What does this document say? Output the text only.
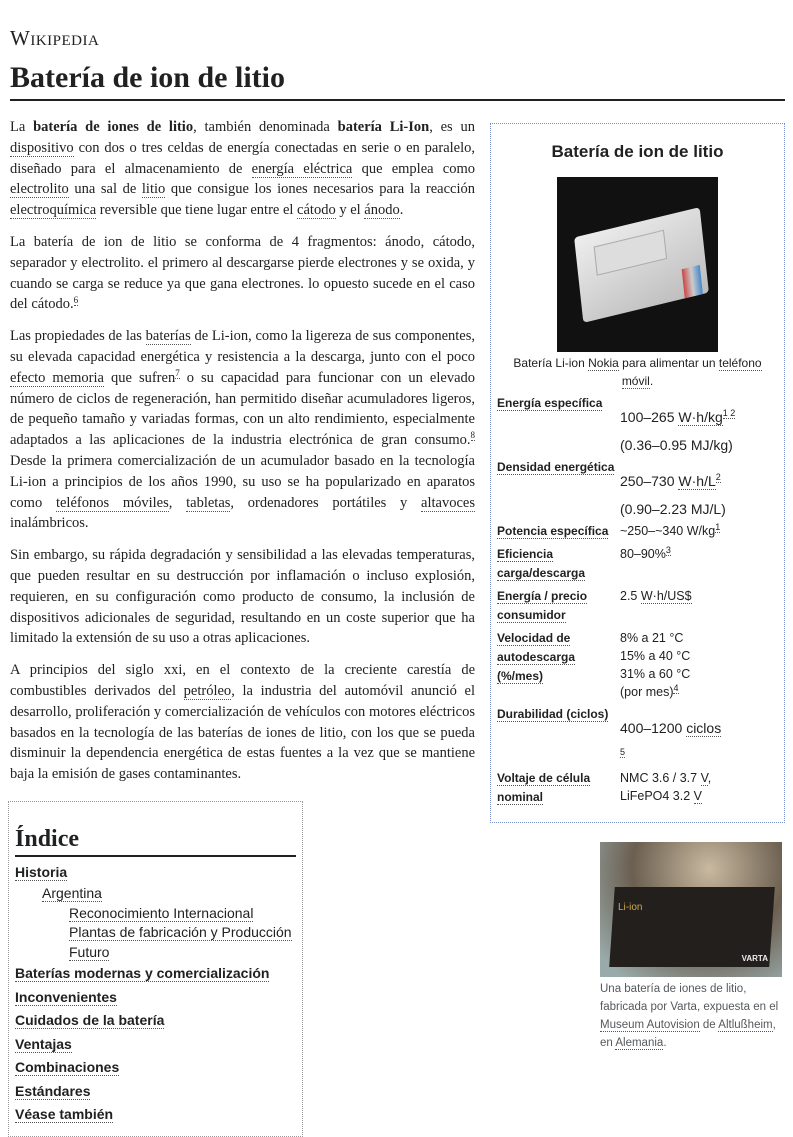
Wikipedia
Batería de ion de litio

La batería de iones de litio, también denominada batería Li-Ion, es un dispositivo con dos o tres celdas de energía conectadas en serie o en paralelo, diseñado para el almacenamiento de energía eléctrica que emplea como electrolito una sal de litio que consigue los iones necesarios para la reacción electroquímica reversible que tiene lugar entre el cátodo y el ánodo.

La batería de ion de litio se conforma de 4 fragmentos: ánodo, cátodo, separador y electrolito. el primero al descargarse pierde electrones y se oxida, y cuando se carga se reduce ya que gana electrones. lo opuesto sucede en el caso del cátodo.$^6$

Las propiedades de las baterías de Li-ion, como la ligereza de sus componentes, su elevada capacidad energética y resistencia a la descarga, junto con el poco efecto memoria que sufren$^7$ o su capacidad para funcionar con un elevado número de ciclos de regeneración, han permitido diseñar acumuladores ligeros, de pequeño tamaño y variadas formas, con un alto rendimiento, especialmente adaptados a las aplicaciones de la industria electrónica de gran consumo.$^8$ Desde la primera comercialización de un acumulador basado en la tecnología Li-ion a principios de los años 1990, su uso se ha popularizado en aparatos como teléfonos móviles, tabletas, ordenadores portátiles y altavoces inalámbricos.

Sin embargo, su rápida degradación y sensibilidad a las elevadas temperaturas, que pueden resultar en su destrucción por inflamación o incluso explosión, requieren, en su configuración como producto de consumo, la inclusión de dispositivos adicionales de seguridad, resultando en un coste superior que ha limitado la extensión de su uso a otras aplicaciones.

A principios del siglo xxi, en el contexto de la creciente carestía de combustibles derivados del petróleo, la industria del automóvil anunció el desarrollo, proliferación y comercialización de vehículos con motores eléctricos basados en la tecnología de las baterías de iones de litio, con los que se pueda disminuir la dependencia energética de estas fuentes a la vez que se mantiene baja la emisión de gases contaminantes.

Índice
Historia
Argentina
Reconocimiento Internacional
Plantas de fabricación y Producción
Futuro
Baterías modernas y comercialización
Inconvenientes
Cuidados de la batería
Ventajas
Combinaciones
Estándares
Véase también
Batería de ion de litio
Batería Li-ion Nokia para alimentar un teléfono móvil.
Energía específica
100–265 $W\cdot h/kg^{1 2}$
(0.36–0.95 MJ/kg)
Densidad energética
250–730 $W\cdot h/L^2$
(0.90–2.23 MJ/L)
Potencia específica ~250–~340 $W/kg^1$
Eficiencia carga/descarga
80–90%$^3$
Energía / precio consumidor
2.5 W·h/US$
Velocidad de autodescarga (%/mes)
8% a 21 °C
15% a 40 °C
31% a 60 °C
(por mes)$^4$
Durabilidad (ciclos)
400–1200 ciclos
$^5$
Voltaje de célula nominal
NMC 3.6 / 3.7 V,
LiFePO4 3.2 V
Li-ion
VARTA
Una batería de iones de litio, fabricada por Varta, expuesta en el Museum Autovision de Altlußheim, en Alemania.
